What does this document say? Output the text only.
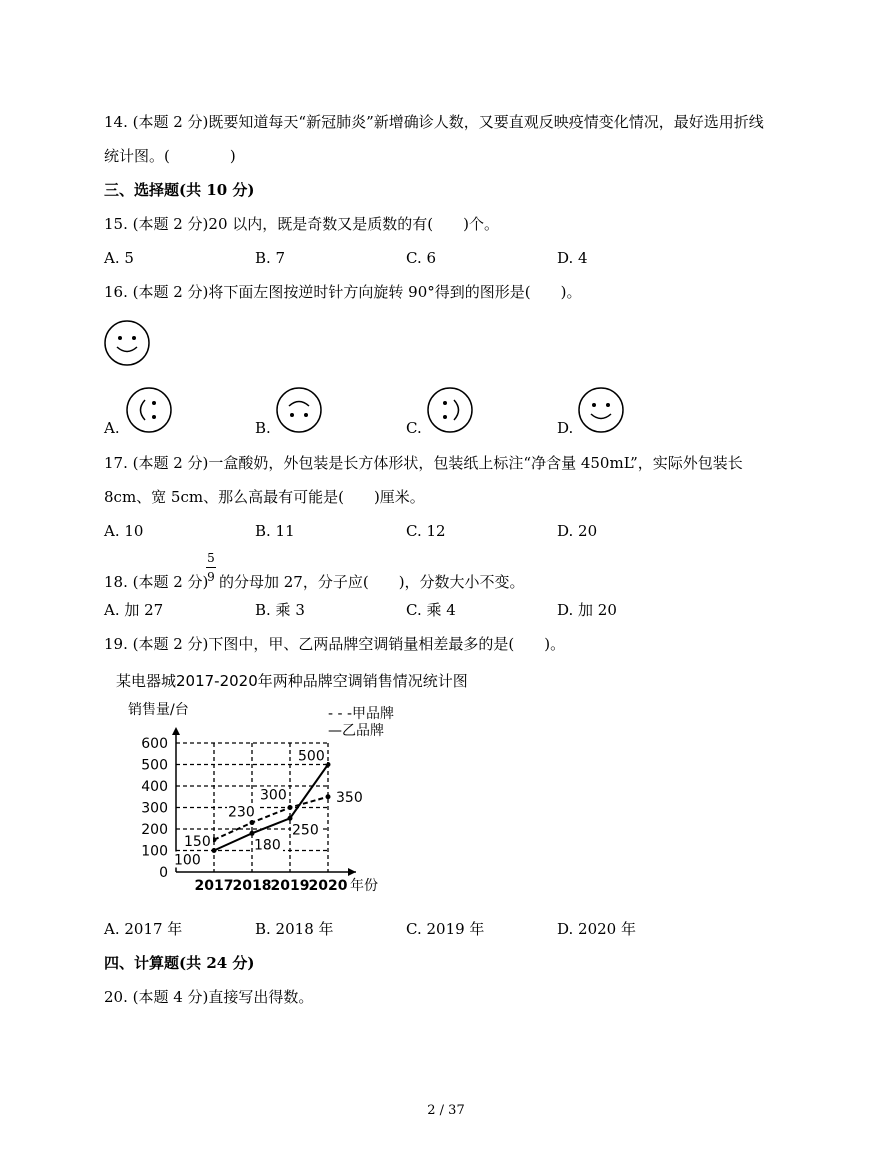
14. (本题 2 分)既要知道每天“新冠肺炎”新增确诊人数，又要直观反映疫情变化情况，最好选用折线
统计图。(　　　　)
三、选择题(共 10 分)
15. (本题 2 分)20 以内，既是奇数又是质数的有(　　)个。
A. 5	B. 7	C. 6	D. 4
16. (本题 2 分)将下面左图按逆时针方向旋转 90°得到的图形是(　　)。
A.	B.	C.	D.
17. (本题 2 分)一盒酸奶，外包装是长方体形状，包装纸上标注“净含量 450mL”，实际外包装长
8cm、宽 5cm、那么高最有可能是(　　)厘米。
A. 10	B. 11	C. 12	D. 20
18. (本题 2 分)
5
9 的分母加 27，分子应(　　)，分数大小不变。
A. 加 27	B. 乘 3	C. 乘 4	D. 加 20
19. (本题 2 分)下图中，甲、乙两品牌空调销量相差最多的是(　　)。
某电器城2017-2020年两种品牌空调销售情况统计图
销售量/台	- - -甲品牌
—乙品牌
年份
0
100
200
300
400
500
600
2017 2018 2019 2020
150
230
300	350
100
180
250
500
A. 2017 年	B. 2018 年	C. 2019 年	D. 2020 年
四、计算题(共 24 分)
20. (本题 4 分)直接写出得数。
2 / 37
